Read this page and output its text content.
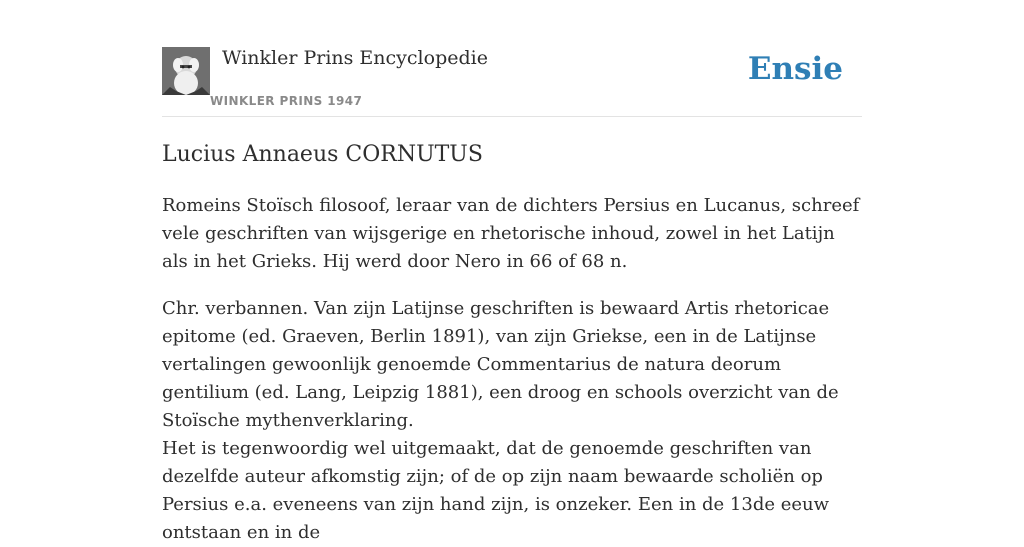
Winkler Prins Encyclopedie
WINKLER PRINS 1947
Ensie
Lucius Annaeus CORNUTUS

Romeins Stoïsch filosoof, leraar van de dichters Persius en Lucanus, schreef vele geschriften van wijsgerige en rhetorische inhoud, zowel in het Latijn als in het Grieks. Hij werd door Nero in 66 of 68 n.

Chr. verbannen. Van zijn Latijnse geschriften is bewaard Artis rhetoricae epitome (ed. Graeven, Berlin 1891), van zijn Griekse, een in de Latijnse vertalingen gewoonlijk genoemde Commentarius de natura deorum gentilium (ed. Lang, Leipzig 1881), een droog en schools overzicht van de Stoïsche mythenverklaring.

Het is tegenwoordig wel uitgemaakt, dat de genoemde geschriften van dezelfde auteur afkomstig zijn; of de op zijn naam bewaarde scholiën op Persius e.a. eveneens van zijn hand zijn, is onzeker. Een in de 13de eeuw ontstaan en in de
